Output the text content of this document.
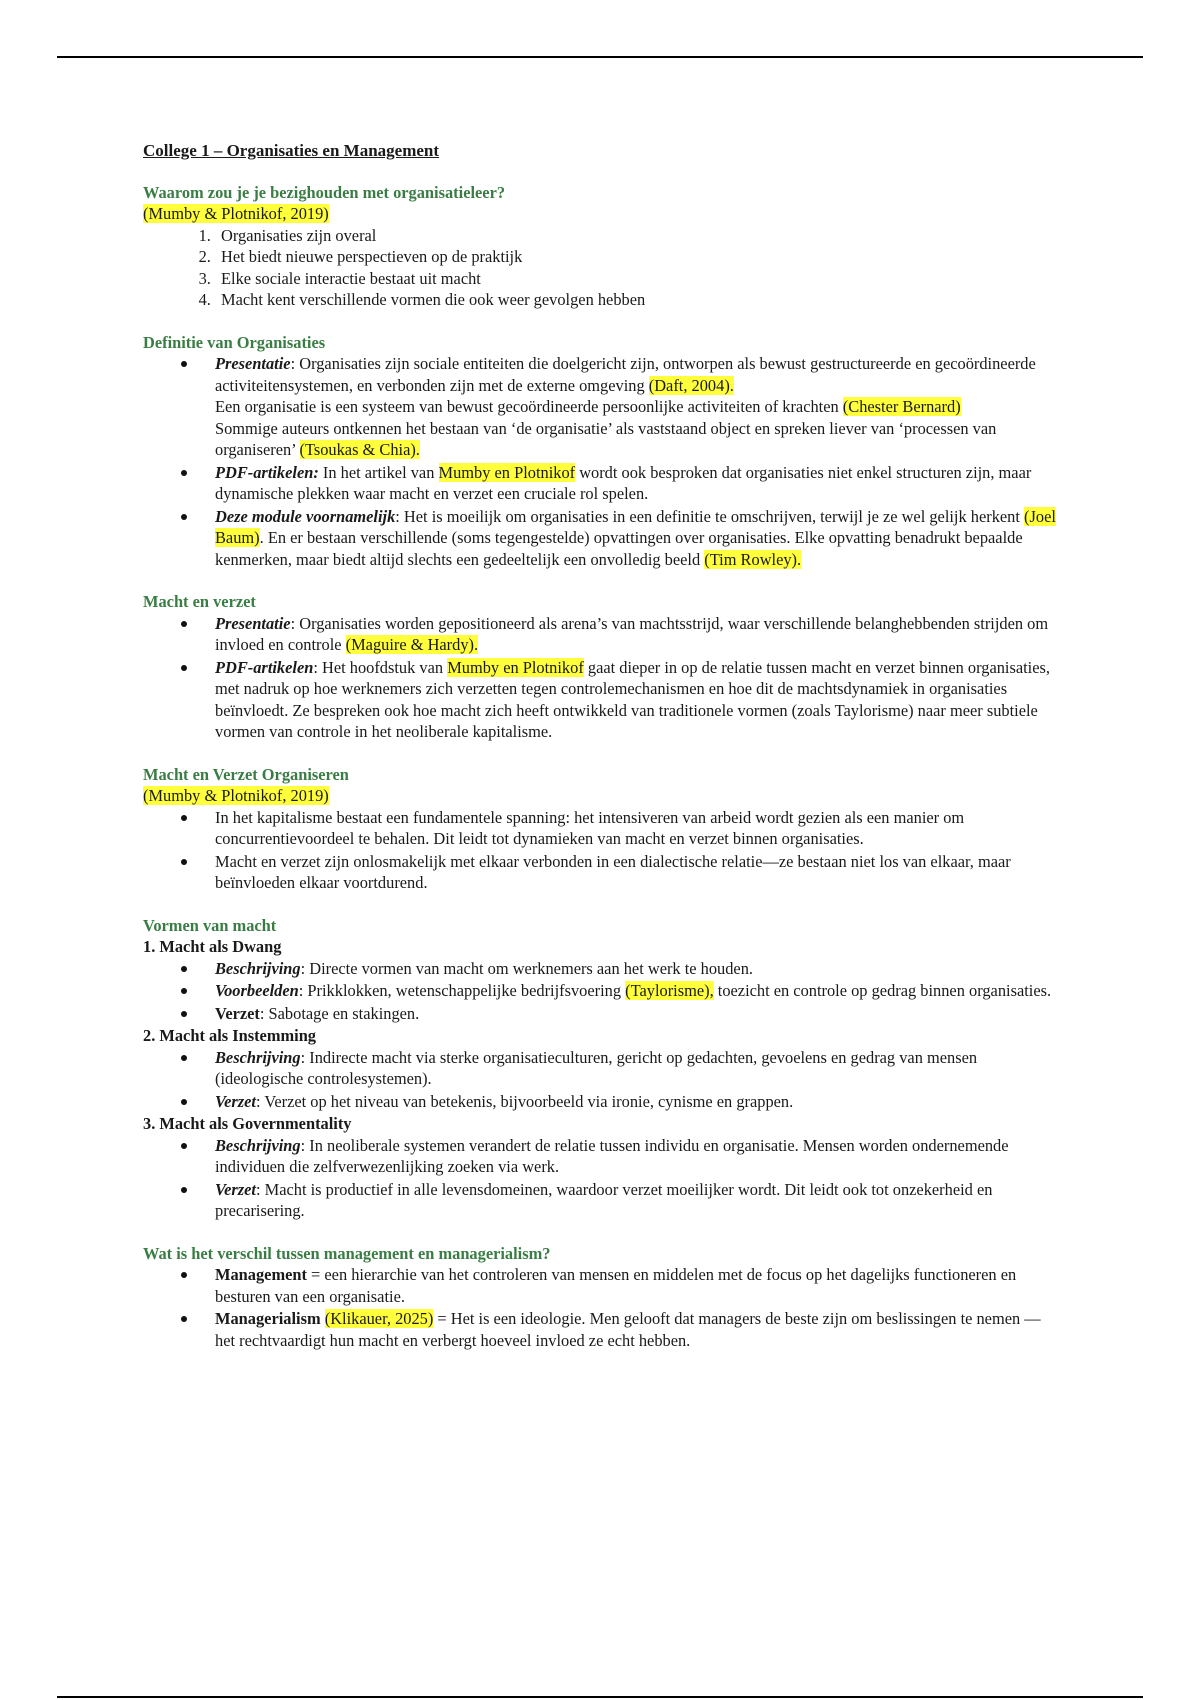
College 1 – Organisaties en Management
Waarom zou je je bezighouden met organisatieleer?
(Mumby & Plotnikof, 2019)
1. Organisaties zijn overal
2. Het biedt nieuwe perspectieven op de praktijk
3. Elke sociale interactie bestaat uit macht
4. Macht kent verschillende vormen die ook weer gevolgen hebben
Definitie van Organisaties
Presentatie: Organisaties zijn sociale entiteiten die doelgericht zijn, ontworpen als bewust gestructureerde en gecoördineerde activiteitensystemen, en verbonden zijn met de externe omgeving (Daft, 2004).

Een organisatie is een systeem van bewust gecoördineerde persoonlijke activiteiten of krachten (Chester Bernard)

Sommige auteurs ontkennen het bestaan van ‘de organisatie’ als vaststaand object en spreken liever van ‘processen van organiseren’ (Tsoukas & Chia).

PDF-artikelen: In het artikel van Mumby en Plotnikof wordt ook besproken dat organisaties niet enkel structuren zijn, maar dynamische plekken waar macht en verzet een cruciale rol spelen.
Deze module voornamelijk: Het is moeilijk om organisaties in een definitie te omschrijven, terwijl je ze wel gelijk herkent (Joel Baum). En er bestaan verschillende (soms tegengestelde) opvattingen over organisaties. Elke opvatting benadrukt bepaalde kenmerken, maar biedt altijd slechts een gedeeltelijk een onvolledig beeld (Tim Rowley).
Macht en verzet
Presentatie: Organisaties worden gepositioneerd als arena’s van machtsstrijd, waar verschillende belanghebbenden strijden om invloed en controle (Maguire & Hardy).
PDF-artikelen: Het hoofdstuk van Mumby en Plotnikof gaat dieper in op de relatie tussen macht en verzet binnen organisaties, met nadruk op hoe werknemers zich verzetten tegen controlemechanismen en hoe dit de machtsdynamiek in organisaties beïnvloedt. Ze bespreken ook hoe macht zich heeft ontwikkeld van traditionele vormen (zoals Taylorisme) naar meer subtiele vormen van controle in het neoliberale kapitalisme.
Macht en Verzet Organiseren
(Mumby & Plotnikof, 2019)
In het kapitalisme bestaat een fundamentele spanning: het intensiveren van arbeid wordt gezien als een manier om concurrentievoordeel te behalen. Dit leidt tot dynamieken van macht en verzet binnen organisaties.
Macht en verzet zijn onlosmakelijk met elkaar verbonden in een dialectische relatie—ze bestaan niet los van elkaar, maar beïnvloeden elkaar voortdurend.
Vormen van macht
1. Macht als Dwang
Beschrijving: Directe vormen van macht om werknemers aan het werk te houden.
Voorbeelden: Prikklokken, wetenschappelijke bedrijfsvoering (Taylorisme), toezicht en controle op gedrag binnen organisaties.
Verzet: Sabotage en stakingen.
2. Macht als Instemming
Beschrijving: Indirecte macht via sterke organisatieculturen, gericht op gedachten, gevoelens en gedrag van mensen (ideologische controlesystemen).
Verzet: Verzet op het niveau van betekenis, bijvoorbeeld via ironie, cynisme en grappen.
3. Macht als Governmentality
Beschrijving: In neoliberale systemen verandert de relatie tussen individu en organisatie. Mensen worden ondernemende individuen die zelfverwezenlijking zoeken via werk.
Verzet: Macht is productief in alle levensdomeinen, waardoor verzet moeilijker wordt. Dit leidt ook tot onzekerheid en precarisering.
Wat is het verschil tussen management en managerialism?
Management = een hierarchie van het controleren van mensen en middelen met de focus op het dagelijks functioneren en besturen van een organisatie.
Managerialism (Klikauer, 2025) = Het is een ideologie. Men gelooft dat managers de beste zijn om beslissingen te nemen — het rechtvaardigt hun macht en verbergt hoeveel invloed ze echt hebben.
